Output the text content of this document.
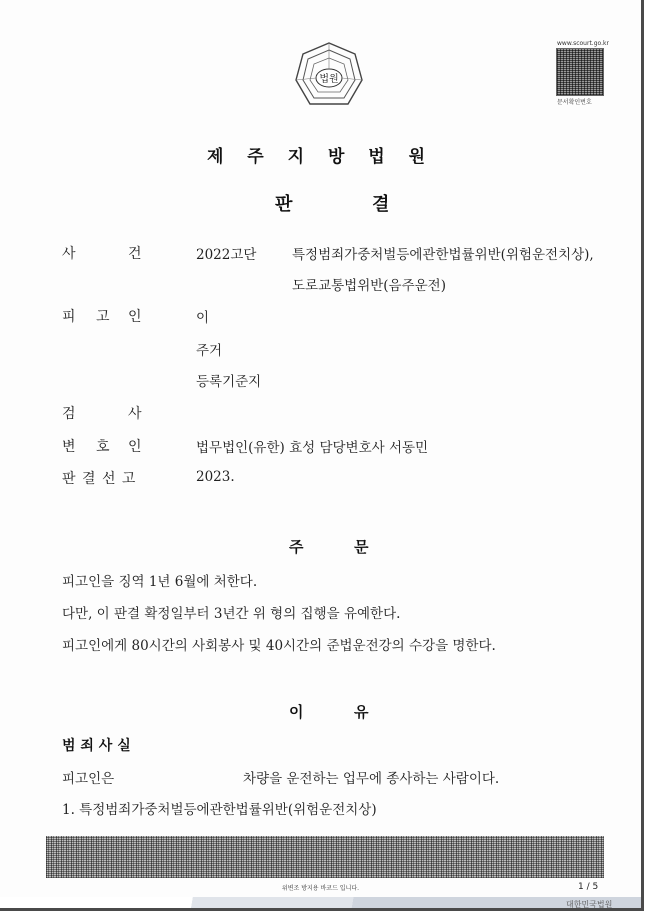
법원
www.scourt.go.kr
문서확인번호
제 주 지 방 법 원
판	결
사	건	2022고단	특정범죄가중처벌등에관한법률위반(위험운전치상),
도로교통법위반(음주운전)
피 고 인	이
주거
등록기준지
검	사
변 호 인	법무법인(유한) 효성 담당변호사 서동민
판 결 선 고	2023.
주	문
피고인을 징역 1년 6월에 처한다.
다만, 이 판결 확정일부터 3년간 위 형의 집행을 유예한다.
피고인에게 80시간의 사회봉사 및 40시간의 준법운전강의 수강을 명한다.
이	유
범 죄 사 실
피고인은	차량을 운전하는 업무에 종사하는 사람이다.
1. 특정범죄가중처벌등에관한법률위반(위험운전치상)
위변조 방지용 바코드 입니다.	1 / 5
대한민국법원
